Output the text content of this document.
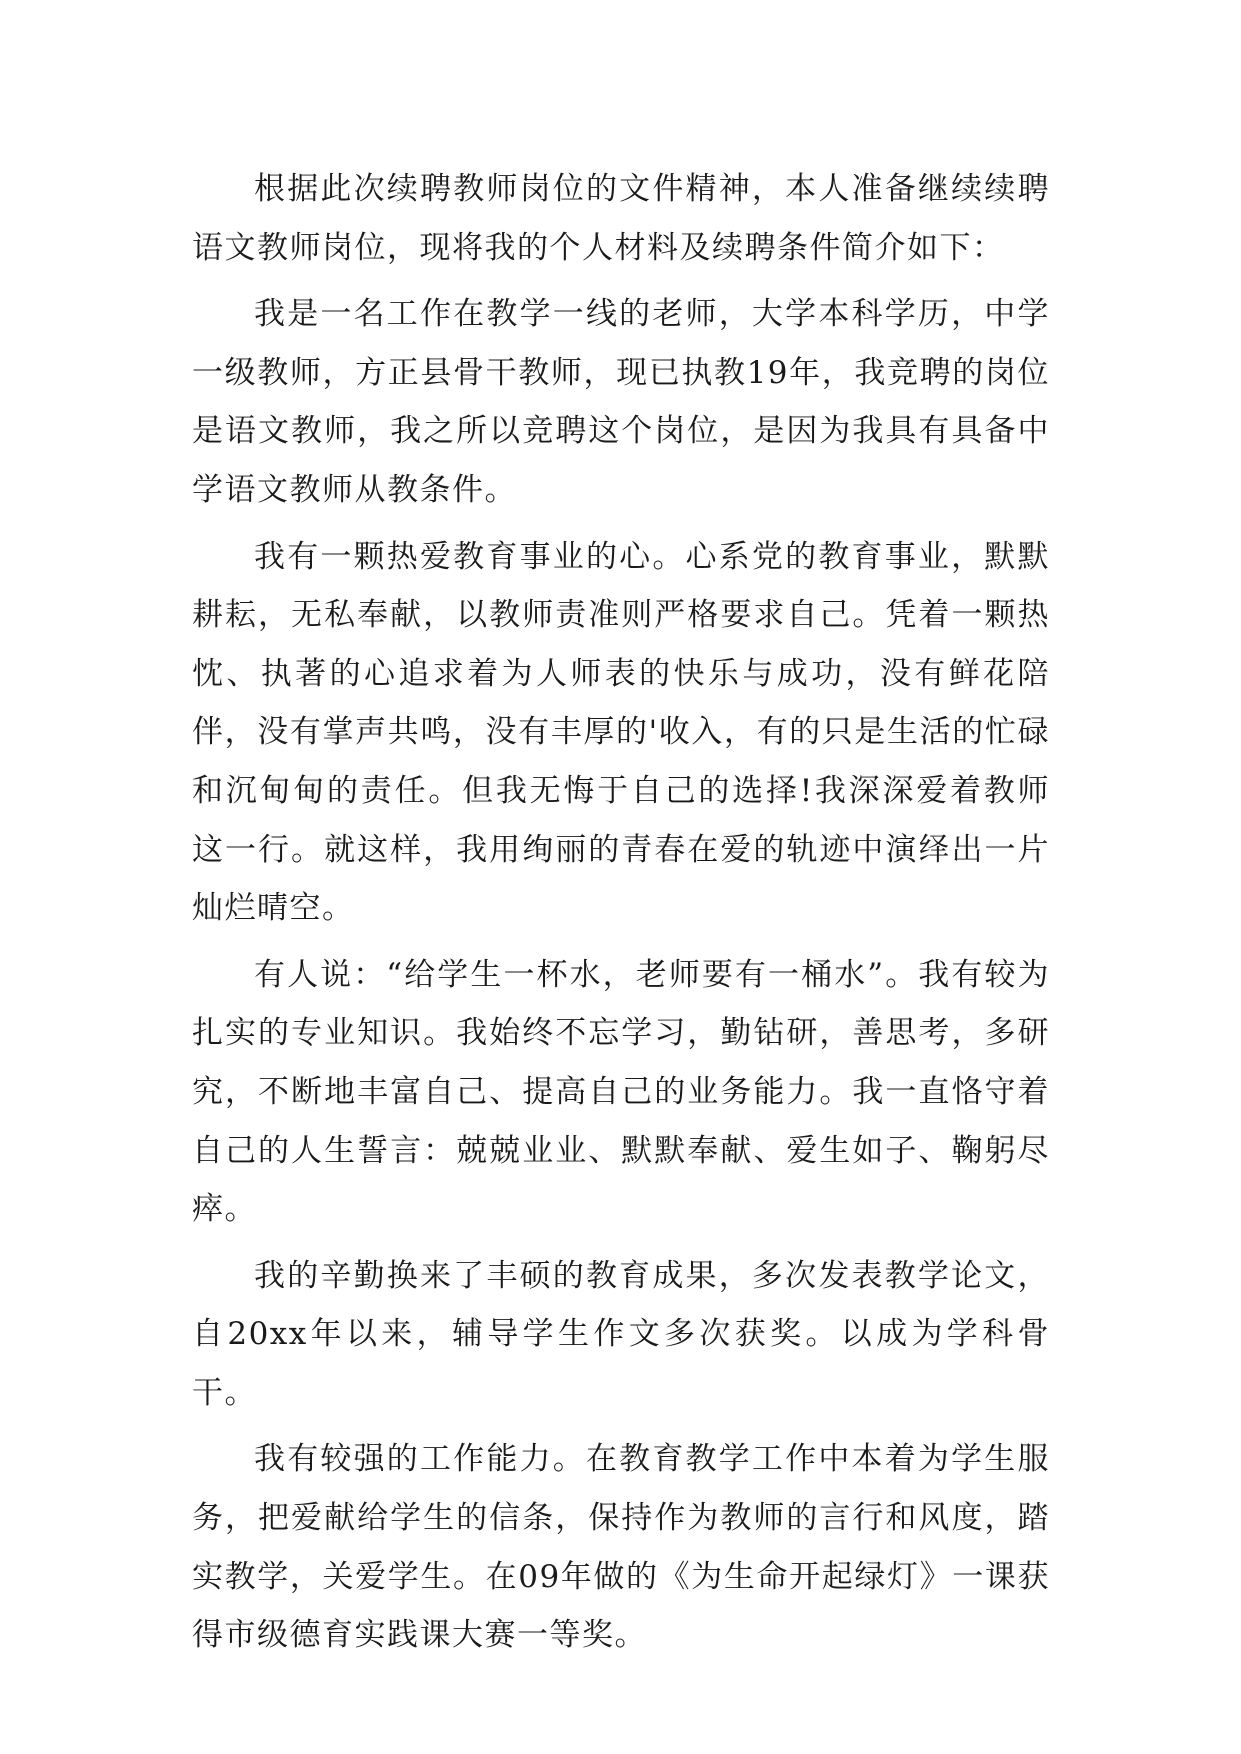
根据此次续聘教师岗位的文件精神，本人准备继续续聘语文教师岗位，现将我的个人材料及续聘条件简介如下：

我是一名工作在教学一线的老师，大学本科学历，中学一级教师，方正县骨干教师，现已执教19年，我竞聘的岗位是语文教师，我之所以竞聘这个岗位，是因为我具有具备中学语文教师从教条件。

我有一颗热爱教育事业的心。心系党的教育事业，默默耕耘，无私奉献，以教师责准则严格要求自己。凭着一颗热忱、执著的心追求着为人师表的快乐与成功，没有鲜花陪伴，没有掌声共鸣，没有丰厚的'收入，有的只是生活的忙碌和沉甸甸的责任。但我无悔于自己的选择!我深深爱着教师这一行。就这样，我用绚丽的青春在爱的轨迹中演绎出一片灿烂晴空。

有人说：“给学生一杯水，老师要有一桶水”。我有较为扎实的专业知识。我始终不忘学习，勤钻研，善思考，多研究，不断地丰富自己、提高自己的业务能力。我一直恪守着自己的人生誓言：兢兢业业、默默奉献、爱生如子、鞠躬尽瘁。

我的辛勤换来了丰硕的教育成果，多次发表教学论文，自20xx年以来，辅导学生作文多次获奖。以成为学科骨干。

我有较强的工作能力。在教育教学工作中本着为学生服务，把爱献给学生的信条，保持作为教师的言行和风度，踏实教学，关爱学生。在09年做的《为生命开起绿灯》一课获得市级德育实践课大赛一等奖。
